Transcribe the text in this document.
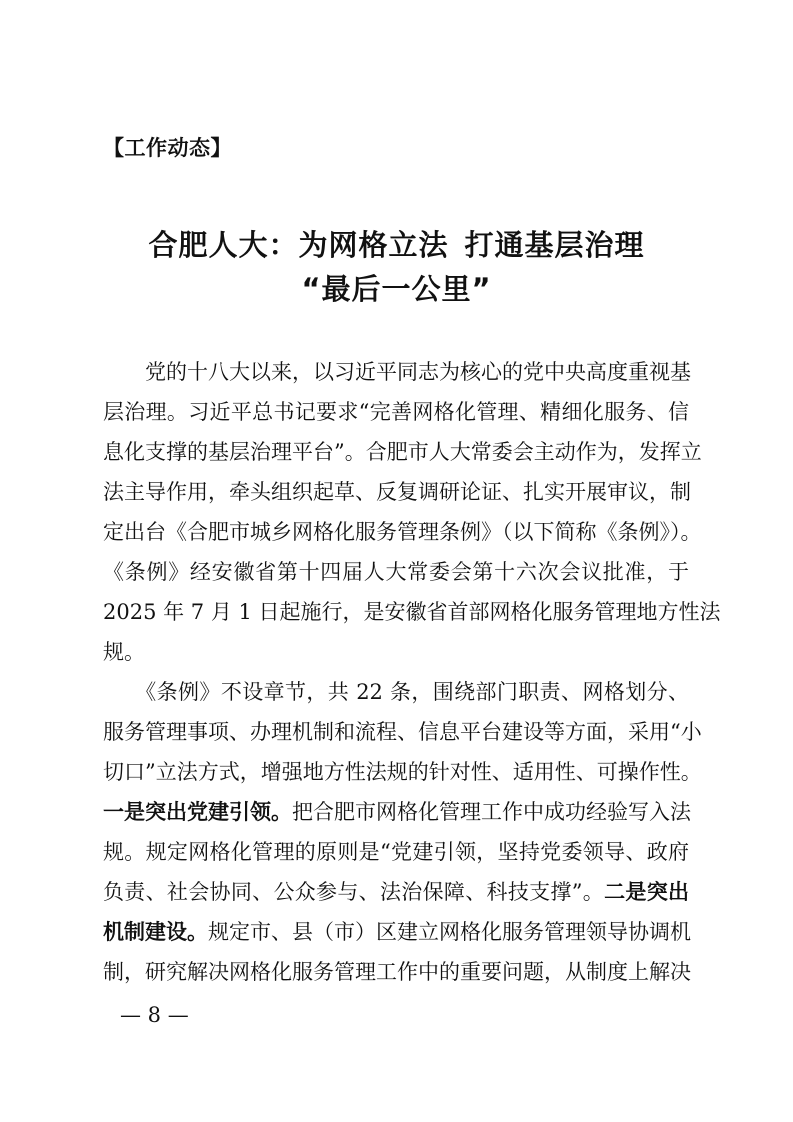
【工作动态】
合肥人大：为网格立法 打通基层治理
“最后一公里”
　　党的十八大以来，以习近平同志为核心的党中央高度重视基
层治理。习近平总书记要求“完善网格化管理、精细化服务、信
息化支撑的基层治理平台”。合肥市人大常委会主动作为，发挥立
法主导作用，牵头组织起草、反复调研论证、扎实开展审议，制
定出台《合肥市城乡网格化服务管理条例》（以下简称《条例》）。
《条例》经安徽省第十四届人大常委会第十六次会议批准，于
2025 年 7 月 1 日起施行，是安徽省首部网格化服务管理地方性法
规。
　　《条例》不设章节，共 22 条，围绕部门职责、网格划分、
服务管理事项、办理机制和流程、信息平台建设等方面，采用“小
切口”立法方式，增强地方性法规的针对性、适用性、可操作性。
一是突出党建引领。把合肥市网格化管理工作中成功经验写入法
规。规定网格化管理的原则是“党建引领，坚持党委领导、政府
负责、社会协同、公众参与、法治保障、科技支撑”。二是突出
机制建设。规定市、县（市）区建立网格化服务管理领导协调机
制，研究解决网格化服务管理工作中的重要问题，从制度上解决
— 8 —
